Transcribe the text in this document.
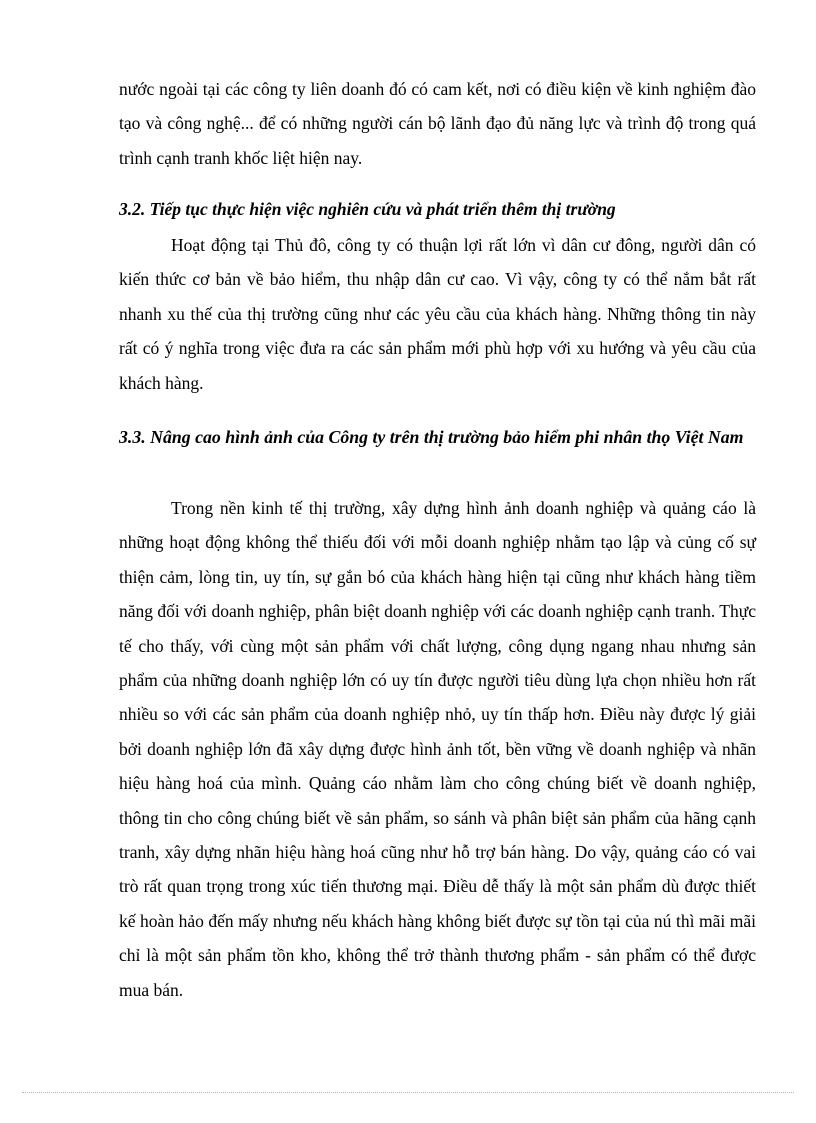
nước ngoài tại các công ty liên doanh đó có cam kết, nơi có điều kiện về kinh nghiệm đào tạo và công nghệ... để có những người cán bộ lãnh đạo đủ năng lực và trình độ trong quá trình cạnh tranh khốc liệt hiện nay.

3.2. Tiếp tục thực hiện việc nghiên cứu và phát triển thêm thị trường

Hoạt động tại Thủ đô, công ty có thuận lợi rất lớn vì dân cư đông, người dân có kiến thức cơ bản về bảo hiểm, thu nhập dân cư cao. Vì vậy, công ty có thể nắm bắt rất nhanh xu thế của thị trường cũng như các yêu cầu của khách hàng. Những thông tin này rất có ý nghĩa trong việc đưa ra các sản phẩm mới phù hợp với xu hướng và yêu cầu của khách hàng.

3.3. Nâng cao hình ảnh của Công ty trên thị trường bảo hiểm phi nhân thọ Việt Nam

Trong nền kinh tế thị trường, xây dựng hình ảnh doanh nghiệp và quảng cáo là những hoạt động không thể thiếu đối với mỗi doanh nghiệp nhằm tạo lập và củng cố sự thiện cảm, lòng tin, uy tín, sự gắn bó của khách hàng hiện tại cũng như khách hàng tiềm năng đối với doanh nghiệp, phân biệt doanh nghiệp với các doanh nghiệp cạnh tranh. Thực tế cho thấy, với cùng một sản phẩm với chất lượng, công dụng ngang nhau nhưng sản phẩm của những doanh nghiệp lớn có uy tín được người tiêu dùng lựa chọn nhiều hơn rất nhiều so với các sản phẩm của doanh nghiệp nhỏ, uy tín thấp hơn. Điều này được lý giải bởi doanh nghiệp lớn đã xây dựng được hình ảnh tốt, bền vững về doanh nghiệp và nhãn hiệu hàng hoá của mình. Quảng cáo nhằm làm cho công chúng biết về doanh nghiệp, thông tin cho công chúng biết về sản phẩm, so sánh và phân biệt sản phẩm của hãng cạnh tranh, xây dựng nhãn hiệu hàng hoá cũng như hỗ trợ bán hàng. Do vậy, quảng cáo có vai trò rất quan trọng trong xúc tiến thương mại. Điều dễ thấy là một sản phẩm dù được thiết kế hoàn hảo đến mấy nhưng nếu khách hàng không biết được sự tồn tại của nú thì mãi mãi chỉ là một sản phẩm tồn kho, không thể trở thành thương phẩm - sản phẩm có thể được mua bán.
